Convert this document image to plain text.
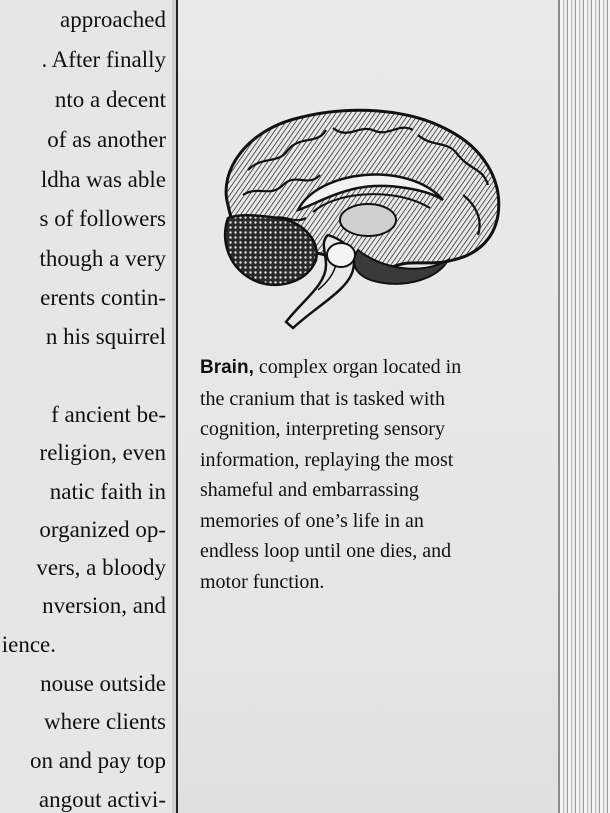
approached
. After finally
nto a decent
of as another
ldha was able
s of followers
though a very
erents contin-
n his squirrel
f ancient be-
religion, even
natic faith in
organized op-
vers, a bloody
nversion, and
ience.
nouse outside
where clients
on and pay top
angout activi-
Brain, complex organ located in
the cranium that is tasked with
cognition, interpreting sensory
information, replaying the most
shameful and embarrassing
memories of one’s life in an
endless loop until one dies, and
motor function.
